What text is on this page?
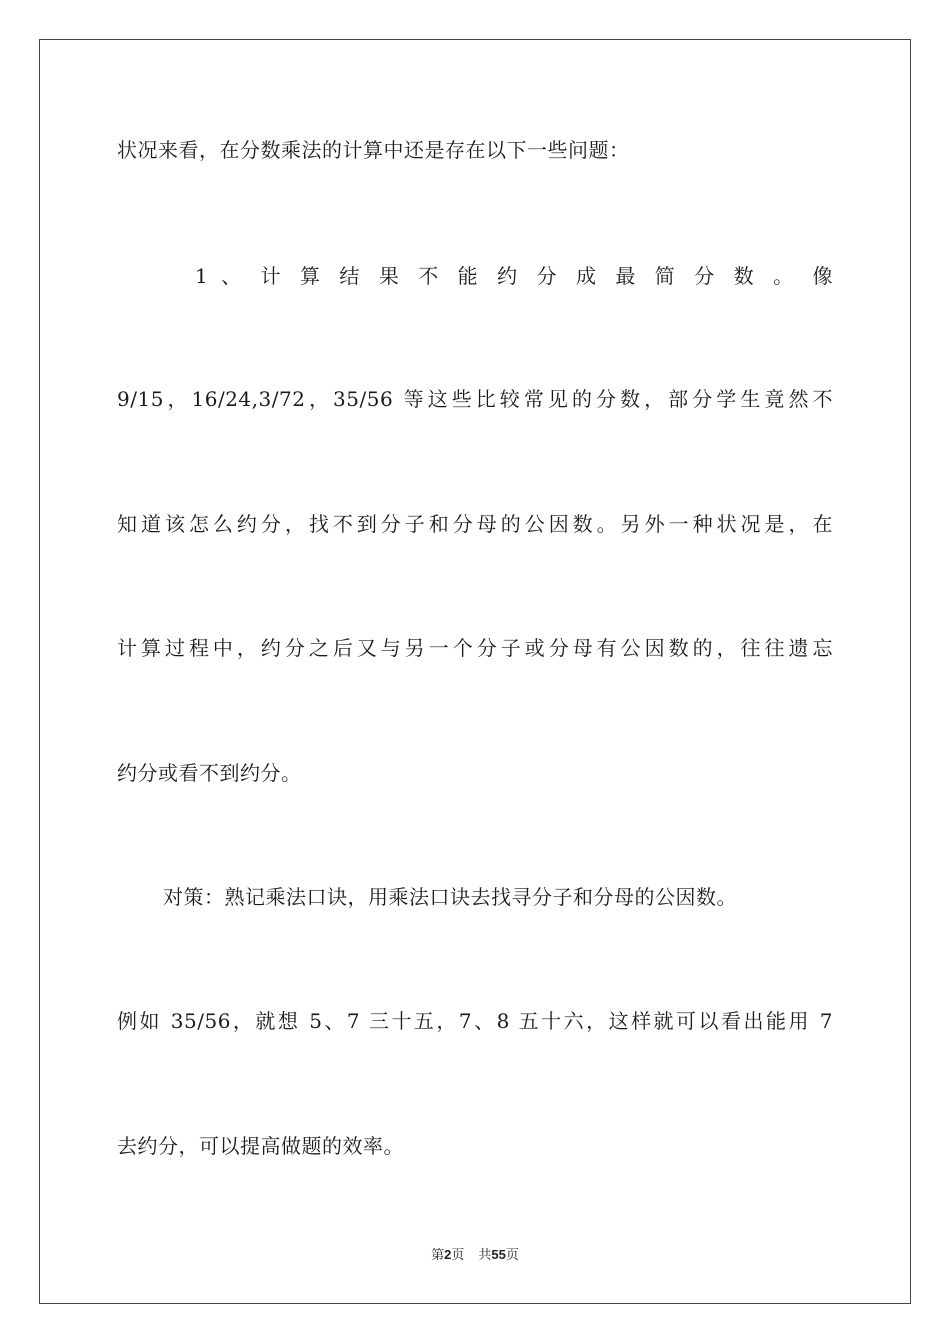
状况来看，在分数乘法的计算中还是存在以下一些问题：
1 、 计 算 结 果 不 能 约 分 成 最 简 分 数 。 像
9/15，16/24,3/72，35/56 等这些比较常见的分数，部分学生竟然不
知道该怎么约分，找不到分子和分母的公因数。另外一种状况是，在
计算过程中，约分之后又与另一个分子或分母有公因数的，往往遗忘
约分或看不到约分。
对策：熟记乘法口诀，用乘法口诀去找寻分子和分母的公因数。
例如 35/56，就想 5、7 三十五，7、8 五十六，这样就可以看出能用 7
去约分，可以提高做题的效率。
第2页 共55页
